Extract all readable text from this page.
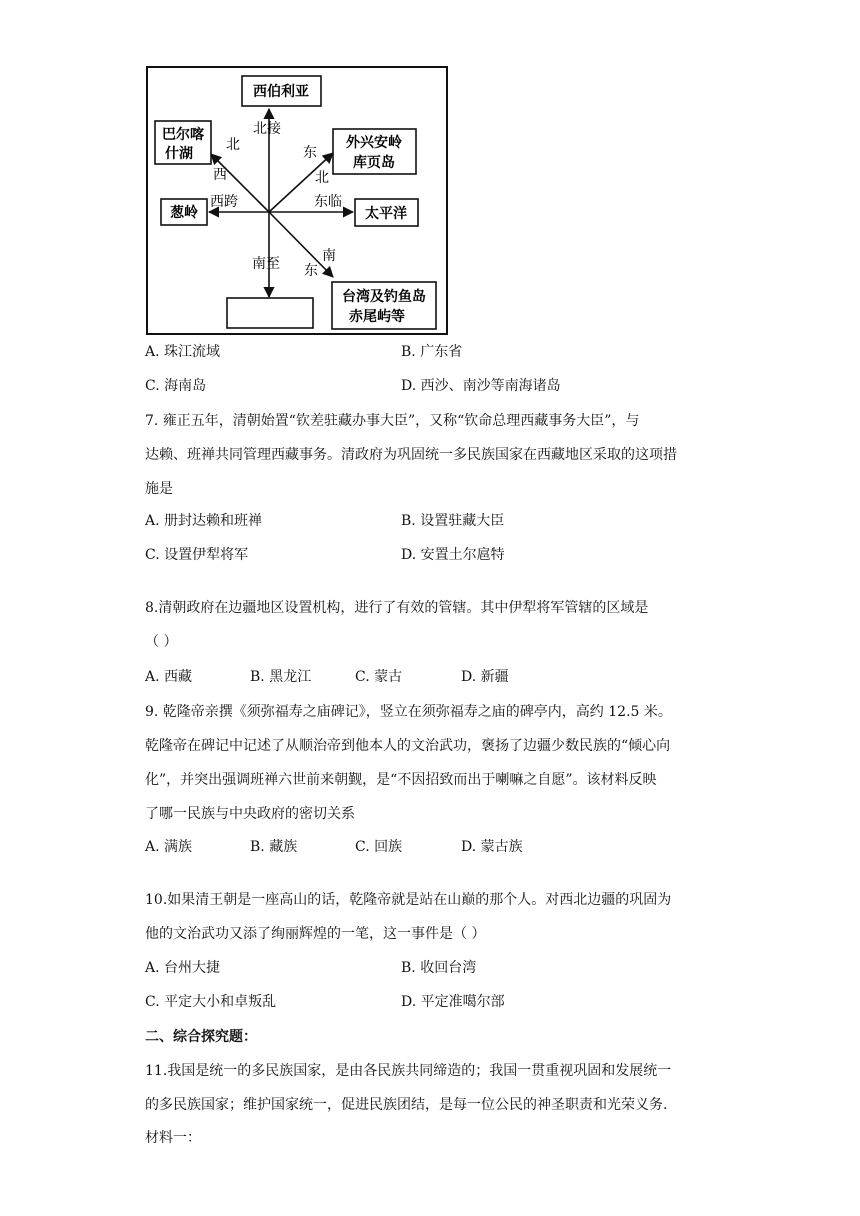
西伯利亚
巴尔喀
什湖
外兴安岭
库页岛
葱岭	太平洋
台湾及钓鱼岛
赤尾屿等
北接
北
西
东
北
西跨	东临
南至	南
东
A. 珠江流域	B. 广东省
C. 海南岛	D. 西沙、南沙等南海诸岛
7. 雍正五年，清朝始置“钦差驻藏办事大臣”，又称“钦命总理西藏事务大臣”，与
达赖、班禅共同管理西藏事务。清政府为巩固统一多民族国家在西藏地区采取的这项措
施是
A. 册封达赖和班禅	B. 设置驻藏大臣
C. 设置伊犁将军	D. 安置土尔扈特
8.清朝政府在边疆地区设置机构，进行了有效的管辖。其中伊犁将军管辖的区域是
（ ）
A. 西藏	B. 黑龙江	C. 蒙古	D. 新疆
9. 乾隆帝亲撰《须弥福寿之庙碑记》，竖立在须弥福寿之庙的碑亭内，高约 12.5 米。
乾隆帝在碑记中记述了从顺治帝到他本人的文治武功，褒扬了边疆少数民族的“倾心向
化”，并突出强调班禅六世前来朝觐，是“不因招致而出于喇嘛之自愿”。该材料反映
了哪一民族与中央政府的密切关系
A. 满族	B. 藏族	C. 回族	D. 蒙古族
10.如果清王朝是一座高山的话，乾隆帝就是站在山巅的那个人。对西北边疆的巩固为
他的文治武功又添了绚丽辉煌的一笔，这一事件是（ ）
A. 台州大捷	B. 收回台湾
C. 平定大小和卓叛乱	D. 平定准噶尔部
二、综合探究题：
11.我国是统一的多民族国家，是由各民族共同缔造的；我国一贯重视巩固和发展统一
的多民族国家；维护国家统一，促进民族团结，是每一位公民的神圣职责和光荣义务.
材料一：
